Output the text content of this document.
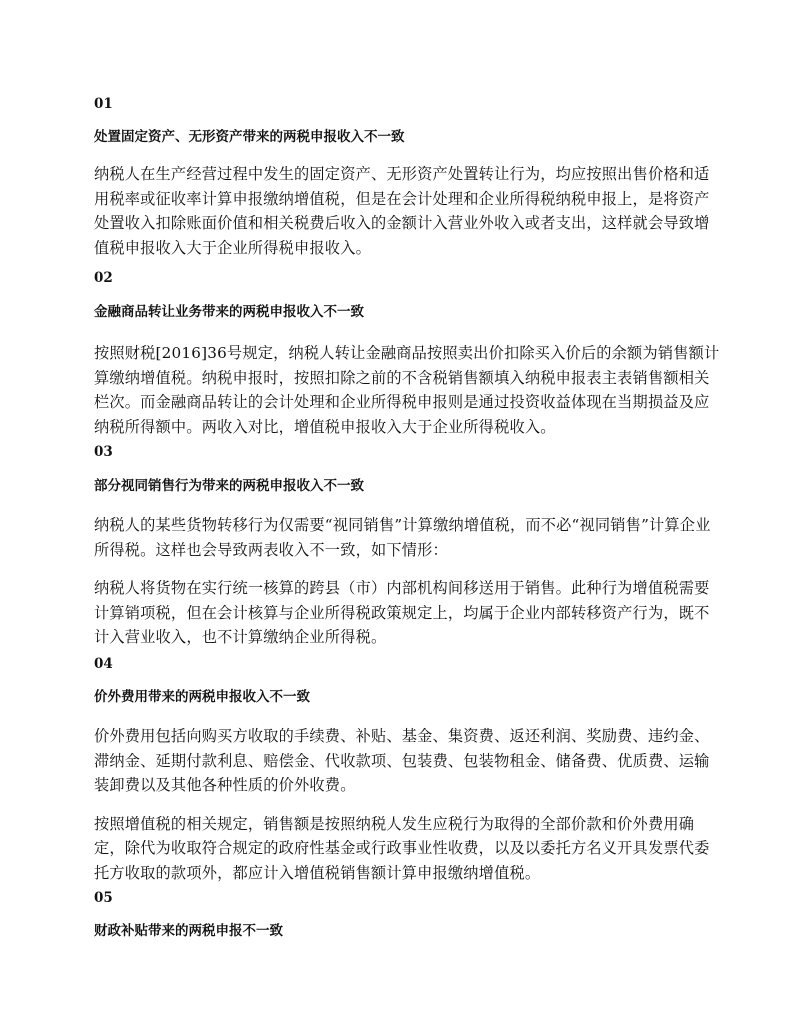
01

处置固定资产、无形资产带来的两税申报收入不一致

纳税人在生产经营过程中发生的固定资产、无形资产处置转让行为，均应按照出售价格和适用税率或征收率计算申报缴纳增值税，但是在会计处理和企业所得税纳税申报上，是将资产处置收入扣除账面价值和相关税费后收入的金额计入营业外收入或者支出，这样就会导致增值税申报收入大于企业所得税申报收入。

02

金融商品转让业务带来的两税申报收入不一致

按照财税[2016]36号规定，纳税人转让金融商品按照卖出价扣除买入价后的余额为销售额计算缴纳增值税。纳税申报时，按照扣除之前的不含税销售额填入纳税申报表主表销售额相关栏次。而金融商品转让的会计处理和企业所得税申报则是通过投资收益体现在当期损益及应纳税所得额中。两收入对比，增值税申报收入大于企业所得税收入。

03

部分视同销售行为带来的两税申报收入不一致

纳税人的某些货物转移行为仅需要“视同销售”计算缴纳增值税，而不必“视同销售”计算企业所得税。这样也会导致两表收入不一致，如下情形：

纳税人将货物在实行统一核算的跨县（市）内部机构间移送用于销售。此种行为增值税需要计算销项税，但在会计核算与企业所得税政策规定上，均属于企业内部转移资产行为，既不计入营业收入，也不计算缴纳企业所得税。

04

价外费用带来的两税申报收入不一致

价外费用包括向购买方收取的手续费、补贴、基金、集资费、返还利润、奖励费、违约金、滞纳金、延期付款利息、赔偿金、代收款项、包装费、包装物租金、储备费、优质费、运输装卸费以及其他各种性质的价外收费。

按照增值税的相关规定，销售额是按照纳税人发生应税行为取得的全部价款和价外费用确定，除代为收取符合规定的政府性基金或行政事业性收费，以及以委托方名义开具发票代委托方收取的款项外，都应计入增值税销售额计算申报缴纳增值税。

05

财政补贴带来的两税申报不一致
